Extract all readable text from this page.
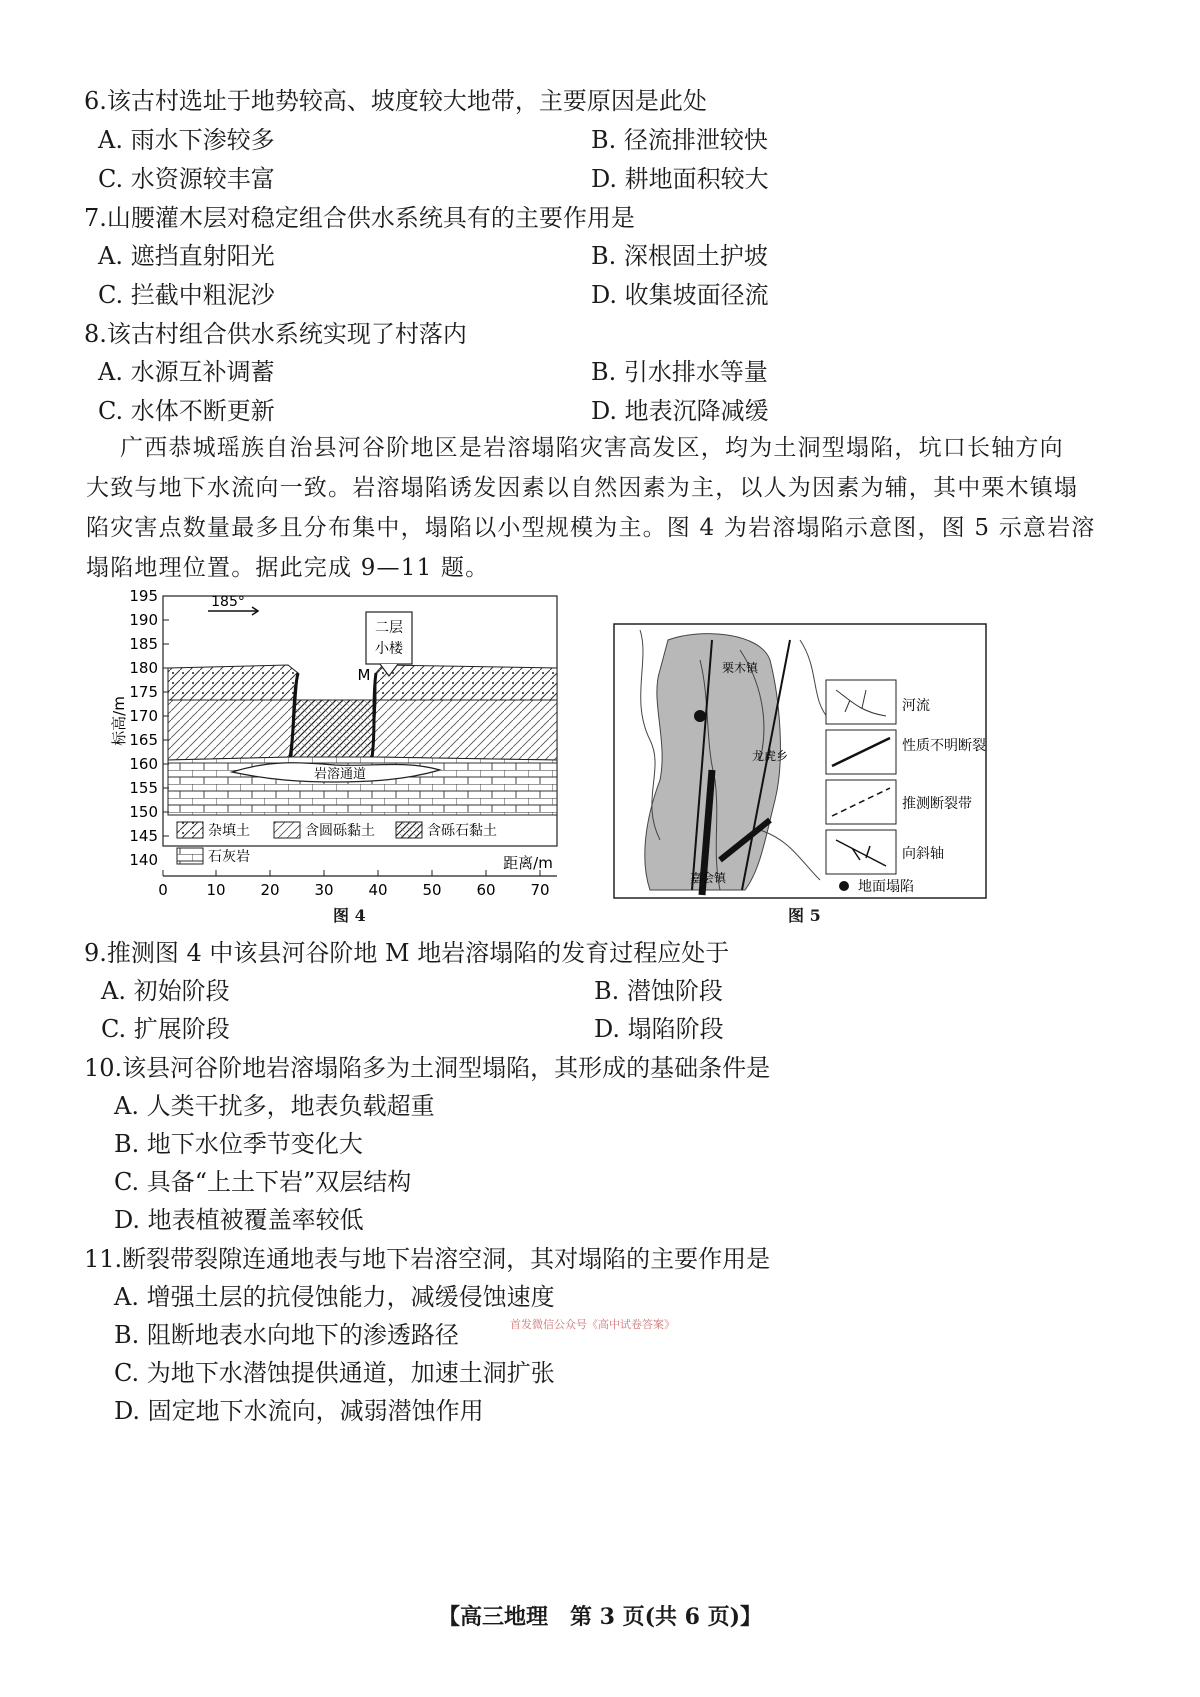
6.该古村选址于地势较高、坡度较大地带，主要原因是此处
A. 雨水下渗较多	B. 径流排泄较快
C. 水资源较丰富	D. 耕地面积较大
7.山腰灌木层对稳定组合供水系统具有的主要作用是
A. 遮挡直射阳光	B. 深根固土护坡
C. 拦截中粗泥沙	D. 收集坡面径流
8.该古村组合供水系统实现了村落内
A. 水源互补调蓄	B. 引水排水等量
C. 水体不断更新	D. 地表沉降减缓

广西恭城瑶族自治县河谷阶地区是岩溶塌陷灾害高发区，均为土洞型塌陷，坑口长轴方向

大致与地下水流向一致。岩溶塌陷诱发因素以自然因素为主，以人为因素为辅，其中栗木镇塌

陷灾害点数量最多且分布集中，塌陷以小型规模为主。图 4 为岩溶塌陷示意图，图 5 示意岩溶

塌陷地理位置。据此完成 9—11 题。

岩溶通道
二层
小楼
M
185°
195
190
185
180
175
170
165
160
155
150
145
140
标高/m
0	10 20 30 40 50 60 70
距离/m
杂填土	含圆砾黏土	含砾石黏土
石灰岩
图 4
栗木镇
龙虎乡
嘉会镇
河流
性质不明断裂
推测断裂带
向斜轴
地面塌陷
图 5
9.推测图 4 中该县河谷阶地 M 地岩溶塌陷的发育过程应处于
A. 初始阶段	B. 潜蚀阶段
C. 扩展阶段	D. 塌陷阶段
10.该县河谷阶地岩溶塌陷多为土洞型塌陷，其形成的基础条件是
A. 人类干扰多，地表负载超重
B. 地下水位季节变化大
C. 具备“上土下岩”双层结构
D. 地表植被覆盖率较低
首发微信公众号《高中试卷答案》
11.断裂带裂隙连通地表与地下岩溶空洞，其对塌陷的主要作用是
A. 增强土层的抗侵蚀能力，减缓侵蚀速度
B. 阻断地表水向地下的渗透路径
C. 为地下水潜蚀提供通道，加速土洞扩张
D. 固定地下水流向，减弱潜蚀作用
【高三地理　第 3 页(共 6 页)】
